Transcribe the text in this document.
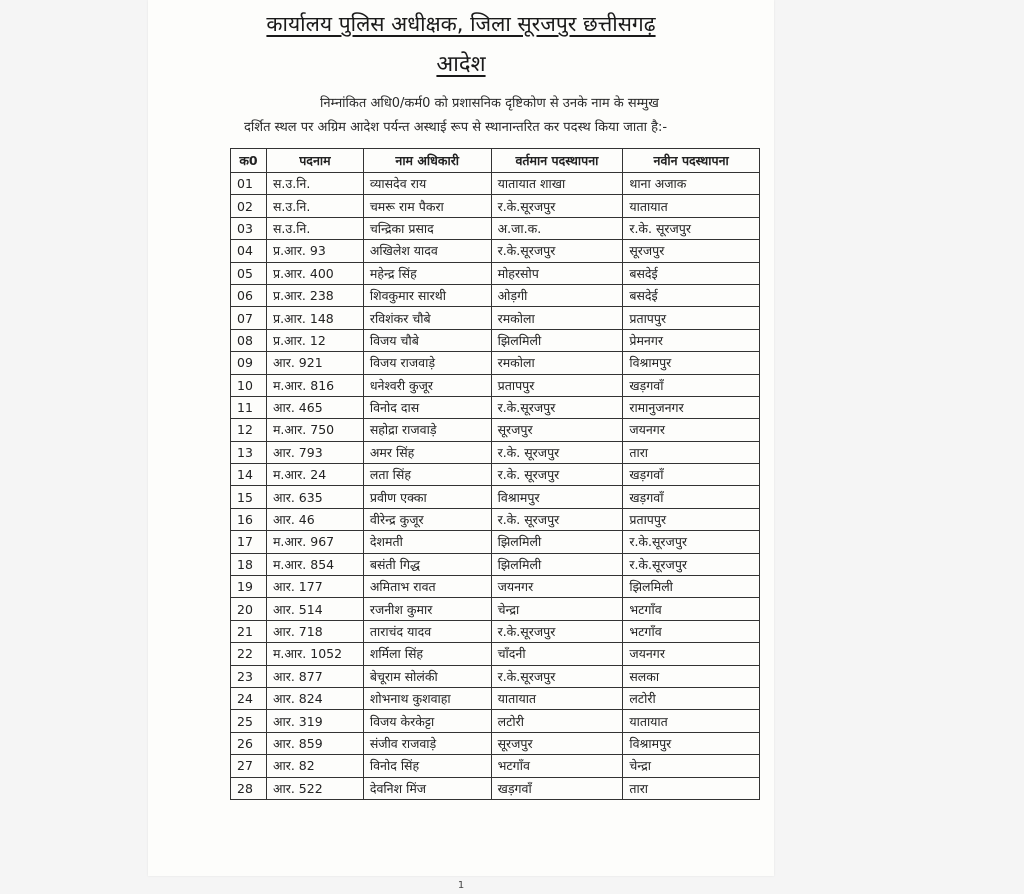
कार्यालय पुलिस अधीक्षक, जिला सूरजपुर छत्तीसगढ़
आदेश
निम्नांकित अधि0/कर्म0 को प्रशासनिक दृष्टिकोण से उनके नाम के सम्मुख
दर्शित स्थल पर अग्रिम आदेश पर्यन्त अस्थाई रूप से स्थानान्तरित कर पदस्थ किया जाता है:-
क0	पदनाम	नाम अधिकारी	वर्तमान पदस्थापना	नवीन पदस्थापना
01	स.उ.नि.	व्यासदेव राय	यातायात शाखा	थाना अजाक
02	स.उ.नि.	चमरू राम पैकरा	र.के.सूरजपुर	यातायात
03	स.उ.नि.	चन्द्रिका प्रसाद	अ.जा.क.	र.के. सूरजपुर
04	प्र.आर. 93	अखिलेश यादव	र.के.सूरजपुर	सूरजपुर
05	प्र.आर. 400	महेन्द्र सिंह	मोहरसोप	बसदेई
06	प्र.आर. 238	शिवकुमार सारथी	ओड़गी	बसदेई
07	प्र.आर. 148	रविशंकर चौबे	रमकोला	प्रतापपुर
08	प्र.आर. 12	विजय चौबे	झिलमिली	प्रेमनगर
09	आर. 921	विजय राजवाड़े	रमकोला	विश्रामपुर
10	म.आर. 816	धनेश्वरी कुजूर	प्रतापपुर	खड़गवाँ
11	आर. 465	विनोद दास	र.के.सूरजपुर	रामानुजनगर
12	म.आर. 750	सहोद्रा राजवाड़े	सूरजपुर	जयनगर
13	आर. 793	अमर सिंह	र.के. सूरजपुर	तारा
14	म.आर. 24	लता सिंह	र.के. सूरजपुर	खड़गवाँ
15	आर. 635	प्रवीण एक्का	विश्रामपुर	खड़गवाँ
16	आर. 46	वीरेन्द्र कुजूर	र.के. सूरजपुर	प्रतापपुर
17	म.आर. 967	देशमती	झिलमिली	र.के.सूरजपुर
18	म.आर. 854	बसंती गिद्ध	झिलमिली	र.के.सूरजपुर
19	आर. 177	अमिताभ रावत	जयनगर	झिलमिली
20	आर. 514	रजनीश कुमार	चेन्द्रा	भटगाँव
21	आर. 718	ताराचंद यादव	र.के.सूरजपुर	भटगाँव
22	म.आर. 1052	शर्मिला सिंह	चाँदनी	जयनगर
23	आर. 877	बेचूराम सोलंकी	र.के.सूरजपुर	सलका
24	आर. 824	शोभनाथ कुशवाहा	यातायात	लटोरी
25	आर. 319	विजय केरकेट्टा	लटोरी	यातायात
26	आर. 859	संजीव राजवाड़े	सूरजपुर	विश्रामपुर
27	आर. 82	विनोद सिंह	भटगाँव	चेन्द्रा
28	आर. 522	देवनिश मिंज	खड़गवाँ	तारा
1
